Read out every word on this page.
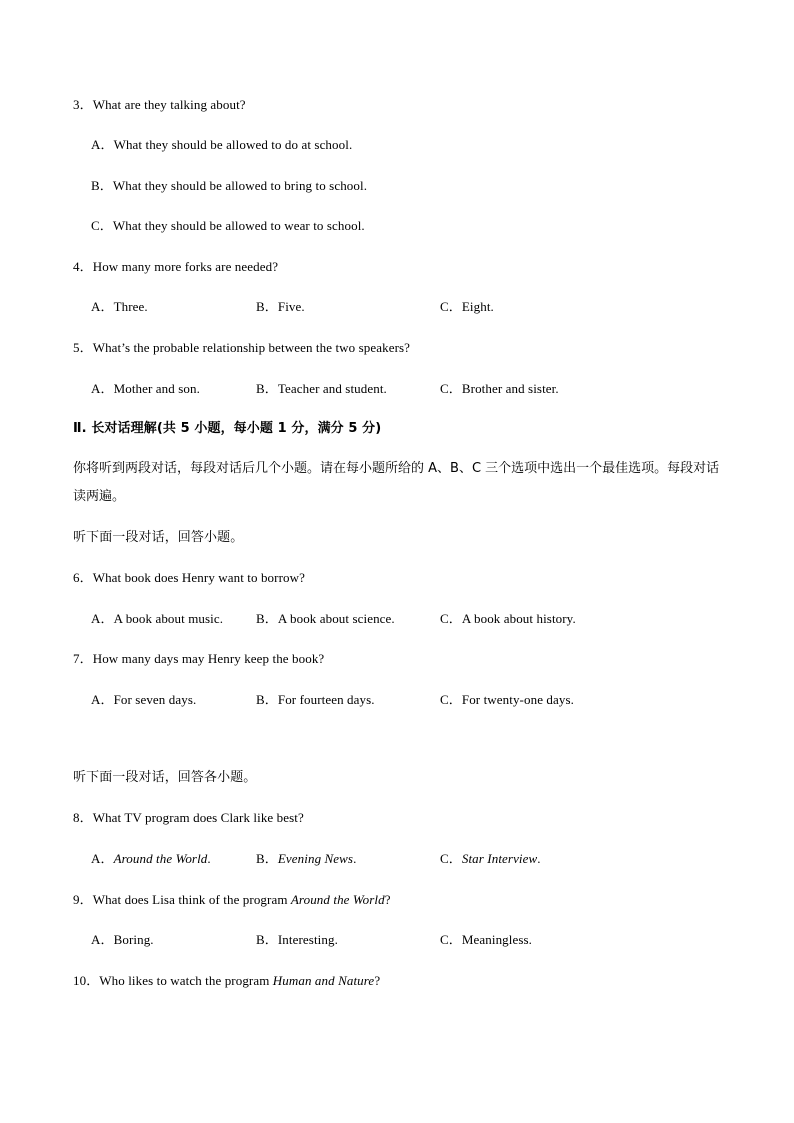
3．What are they talking about?
A．What they should be allowed to do at school.
B．What they should be allowed to bring to school.
C．What they should be allowed to wear to school.
4．How many more forks are needed?
A．Three.	B．Five.	C．Eight.
5．What’s the probable relationship between the two speakers?
A．Mother and son.	B．Teacher and student.	C．Brother and sister.
Ⅱ. 长对话理解(共 5 小题，每小题 1 分，满分 5 分)
你将听到两段对话，每段对话后几个小题。请在每小题所给的 A、B、C 三个选项中选出一个最佳选项。每段对话读两遍。
听下面一段对话，回答小题。
6．What book does Henry want to borrow?
A．A book about music.	B．A book about science.	C．A book about history.
7．How many days may Henry keep the book?
A．For seven days.	B．For fourteen days.	C．For twenty-one days.
听下面一段对话，回答各小题。
8．What TV program does Clark like best?
A．Around the World.	B．Evening News.	C．Star Interview.
9．What does Lisa think of the program Around the World?
A．Boring.	B．Interesting.	C．Meaningless.
10．Who likes to watch the program Human and Nature?
